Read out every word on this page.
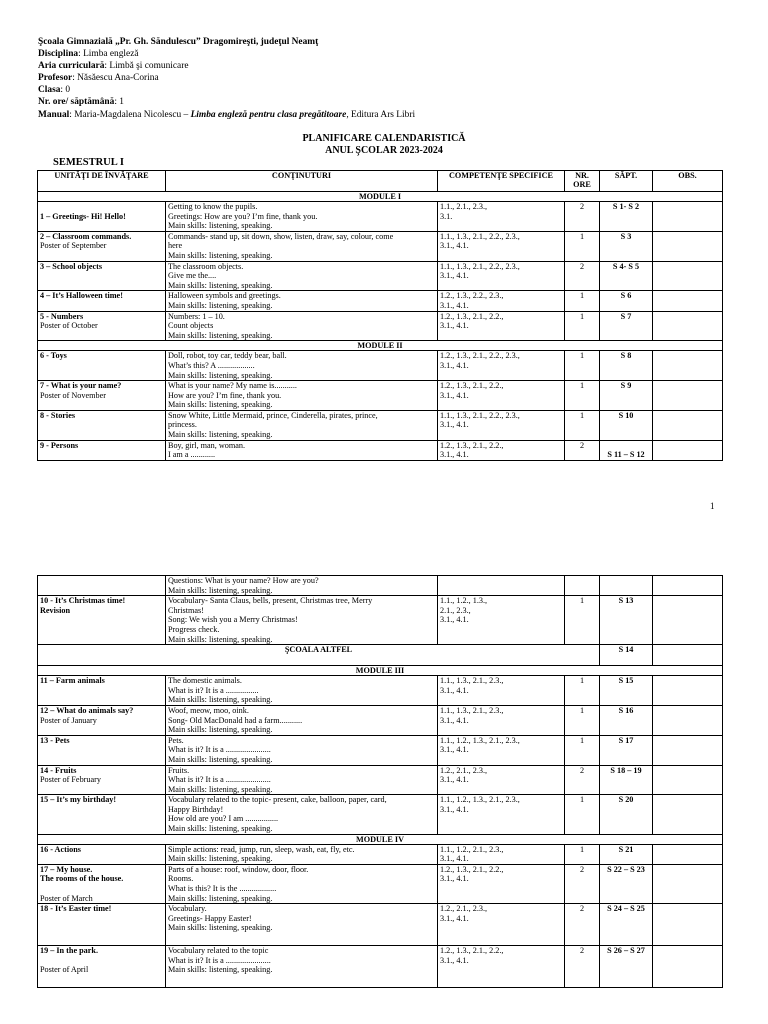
Şcoala Gimnazială „Pr. Gh. Săndulescu” Dragomireşti, judeţul Neamţ
Disciplina: Limba engleză
Aria curriculară: Limbă şi comunicare
Profesor: Năsăescu Ana-Corina
Clasa: 0
Nr. ore/ săptămână: 1
Manual: Maria-Magdalena Nicolescu – Limba engleză pentru clasa pregătitoare, Editura Ars Libri
PLANIFICARE CALENDARISTICĂ
ANUL ŞCOLAR 2023-2024
SEMESTRUL I
UNITĂŢI DE ÎNVĂŢARE	CONŢINUTURI	COMPETENŢE SPECIFICE	NR. ORE	SĂPT.	OBS.
MODULE I					

1 – Greetings- Hi! Hello!	Getting to know the pupils.
Greetings: How are you? I’m fine, thank you.
Main skills: listening, speaking.	1.1., 2.1., 2.3.,
3.1.	2	S 1- S 2	

2 – Classroom commands.
Poster of September	Commands- stand up, sit down, show, listen, draw, say, colour, come
here
Main skills: listening, speaking.	1.1., 1.3., 2.1., 2.2., 2.3.,
3.1., 4.1.	1	S 3	

3 – School objects	The classroom objects.
Give me the....
Main skills: listening, speaking.	1.1., 1.3., 2.1., 2.2., 2.3.,
3.1., 4.1.	2	S 4- S 5	

4 – It’s Halloween time!	Halloween symbols and greetings.
Main skills: listening, speaking.	1.2., 1.3., 2.2., 2.3.,
3.1., 4.1.	1	S 6	

5 - Numbers
Poster of October	Numbers: 1 – 10.
Count objects
Main skills: listening, speaking.	1.2., 1.3., 2.1., 2.2.,
3.1., 4.1.	1	S 7	
MODULE II					

6 - Toys	Doll, robot, toy car, teddy bear, ball.
What’s this? A ..................
Main skills: listening, speaking.	1.2., 1.3., 2.1., 2.2., 2.3.,
3.1., 4.1.	1	S 8	

7 - What is your name?
Poster of November	What is your name? My name is...........
How are you? I’m fine, thank you.
Main skills: listening, speaking.	1.2., 1.3., 2.1., 2.2.,
3.1., 4.1.	1	S 9	

8 - Stories	Snow White, Little Mermaid, prince, Cinderella, pirates, prince,
princess.
Main skills: listening, speaking.	1.1., 1.3., 2.1., 2.2., 2.3.,
3.1., 4.1.	1	S 10	

9 - Persons	Boy, girl, man, woman.
I am a ............	1.2., 1.3., 2.1., 2.2.,
3.1., 4.1.	2	S 11 – S 12	
1

	Questions: What is your name? How are you?
Main skills: listening, speaking.				

10 - It’s Christmas time!
Revision	Vocabulary- Santa Claus, bells, present, Christmas tree, Merry
Christmas!
Song: We wish you a Merry Christmas!
Progress check.
Main skills: listening, speaking.	1.1., 1.2., 1.3.,
2.1., 2.3.,
3.1., 4.1.	1	S 13	
ŞCOALA ALTFEL				S 14	
MODULE III					

11 – Farm animals	The domestic animals.
What is it? It is a ................
Main skills: listening, speaking.	1.1., 1.3., 2.1., 2.3.,
3.1., 4.1.	1	S 15	

12 – What do animals say?
Poster of January	Woof, meow, moo, oink.
Song- Old MacDonald had a farm...........
Main skills: listening, speaking.	1.1., 1.3., 2.1., 2.3.,
3.1., 4.1.	1	S 16	

13 - Pets	Pets.
What is it? It is a ......................
Main skills: listening, speaking.	1.1., 1.2., 1.3., 2.1., 2.3.,
3.1., 4.1.	1	S 17	

14 - Fruits
Poster of February	Fruits.
What is it? It is a ......................
Main skills: listening, speaking.	1.2., 2.1., 2.3.,
3.1., 4.1.	2	S 18 – 19	

15 – It’s my birthday!	Vocabulary related to the topic- present, cake, balloon, paper, card,
Happy Birthday!
How old are you? I am ................
Main skills: listening, speaking.	1.1., 1.2., 1.3., 2.1., 2.3.,
3.1., 4.1.	1	S 20	
MODULE IV					

16 - Actions	Simple actions: read, jump, run, sleep, wash, eat, fly, etc.
Main skills: listening, speaking.	1.1., 1.2., 2.1., 2.3.,
3.1., 4.1.	1	S 21	

17 – My house.
The rooms of the house.

Poster of March	Parts of a house: roof, window, door, floor.
Rooms.
What is this? It is the ..................
Main skills: listening, speaking.	1.2., 1.3., 2.1., 2.2.,
3.1., 4.1.	2	S 22 – S 23	

18 - It’s Easter time!	Vocabulary.
Greetings- Happy Easter!
Main skills: listening, speaking.	1.2., 2.1., 2.3.,
3.1., 4.1.	2	S 24 – S 25	

19 – In the park.

Poster of April	Vocabulary related to the topic
What is it? It is a ......................
Main skills: listening, speaking.	1.2., 1.3., 2.1., 2.2.,
3.1., 4.1.	2	S 26 – S 27	
